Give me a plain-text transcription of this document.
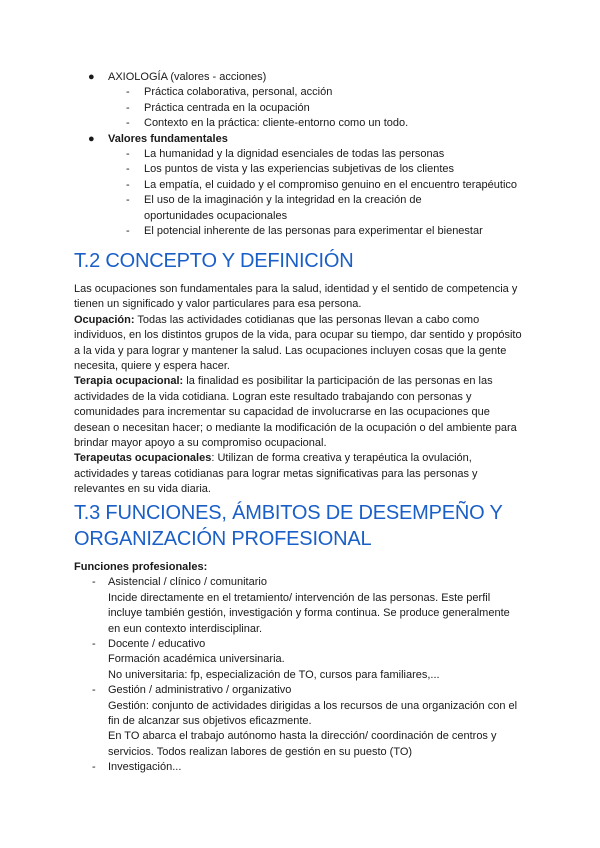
● AXIOLOGÍA (valores - acciones)
- Práctica colaborativa, personal, acción
- Práctica centrada en la ocupación
- Contexto en la práctica: cliente-entorno como un todo.
● Valores fundamentales
- La humanidad y la dignidad esenciales de todas las personas
- Los puntos de vista y las experiencias subjetivas de los clientes
- La empatía, el cuidado y el compromiso genuino en el encuentro terapéutico
- El uso de la imaginación y la integridad en la creación de oportunidades ocupacionales
- El potencial inherente de las personas para experimentar el bienestar
T.2 CONCEPTO Y DEFINICIÓN
Las ocupaciones son fundamentales para la salud, identidad y el sentido de competencia y tienen un significado y valor particulares para esa persona.
Ocupación: Todas las actividades cotidianas que las personas llevan a cabo como individuos, en los distintos grupos de la vida, para ocupar su tiempo, dar sentido y propósito a la vida y para lograr y mantener la salud. Las ocupaciones incluyen cosas que la gente necesita, quiere y espera hacer.
Terapia ocupacional: la finalidad es posibilitar la participación de las personas en las actividades de la vida cotidiana. Logran este resultado trabajando con personas y comunidades para incrementar su capacidad de involucrarse en las ocupaciones que desean o necesitan hacer; o mediante la modificación de la ocupación o del ambiente para brindar mayor apoyo a su compromiso ocupacional.
Terapeutas ocupacionales: Utilizan de forma creativa y terapéutica la ovulación, actividades y tareas cotidianas para lograr metas significativas para las personas y relevantes en su vida diaria.
T.3 FUNCIONES, ÁMBITOS DE DESEMPEÑO Y
ORGANIZACIÓN PROFESIONAL
Funciones profesionales:
- Asistencial / clínico / comunitario
Incide directamente en el tretamiento/ intervención de las personas. Este perfil incluye también gestión, investigación y forma continua. Se produce generalmente en eun contexto interdisciplinar.
- Docente / educativo
Formación académica universinaria.
No universitaria: fp, especialización de TO, cursos para familiares,...
- Gestión / administrativo / organizativo
Gestión: conjunto de actividades dirigidas a los recursos de una organización con el fin de alcanzar sus objetivos eficazmente.
En TO abarca el trabajo autónomo hasta la dirección/ coordinación de centros y servicios. Todos realizan labores de gestión en su puesto (TO)
- Investigación...
